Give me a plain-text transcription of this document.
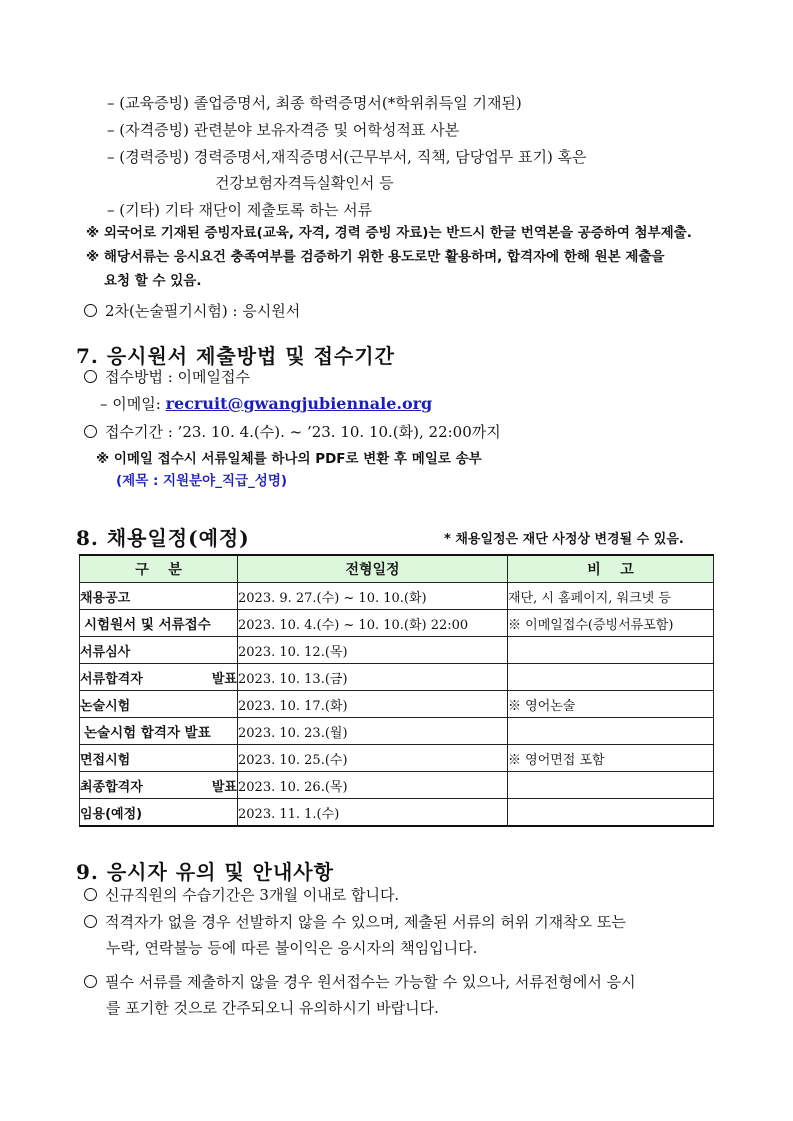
– (교육증빙) 졸업증명서, 최종 학력증명서(*학위취득일 기재된)
– (자격증빙) 관련분야 보유자격증 및 어학성적표 사본
– (경력증빙) 경력증명서,재직증명서(근무부서, 직책, 담당업무 표기) 혹은
건강보험자격득실확인서 등
– (기타) 기타 재단이 제출토록 하는 서류
※ 외국어로 기재된 증빙자료(교육, 자격, 경력 증빙 자료)는 반드시 한글 번역본을 공증하여 첨부제출.
※ 해당서류는 응시요건 충족여부를 검증하기 위한 용도로만 활용하며, 합격자에 한해 원본 제출을
요청 할 수 있음.
2차(논술필기시험) : 응시원서
7. 응시원서 제출방법 및 접수기간
접수방법 : 이메일접수
– 이메일: recruit@gwangjubiennale.org
접수기간 : ’23. 10. 4.(수). ~ ’23. 10. 10.(화), 22:00까지
※ 이메일 접수시 서류일체를 하나의 PDF로 변환 후 메일로 송부
(제목 : 지원분야_직급_성명)
8. 채용일정(예정)	* 채용일정은 재단 사정상 변경될 수 있음.
구    분	전형일정	비    고
채용공고	2023. 9. 27.(수) ~ 10. 10.(화)	재단, 시 홈페이지, 워크넷 등
시험원서 및 서류접수	2023. 10. 4.(수) ~ 10. 10.(화) 22:00	※ 이메일접수(증빙서류포함)
서류심사	2023. 10. 12.(목)	
서류합격자 발표	2023. 10. 13.(금)	
논술시험	2023. 10. 17.(화)	※ 영어논술
논술시험 합격자 발표	2023. 10. 23.(월)	
면접시험	2023. 10. 25.(수)	※ 영어면접 포함
최종합격자 발표	2023. 10. 26.(목)	
임용(예정)	2023. 11. 1.(수)	
9. 응시자 유의 및 안내사항
신규직원의 수습기간은 3개월 이내로 합니다.
적격자가 없을 경우 선발하지 않을 수 있으며, 제출된 서류의 허위 기재착오 또는
누락, 연락불능 등에 따른 불이익은 응시자의 책임입니다.
필수 서류를 제출하지 않을 경우 원서접수는 가능할 수 있으나, 서류전형에서 응시
를 포기한 것으로 간주되오니 유의하시기 바랍니다.
